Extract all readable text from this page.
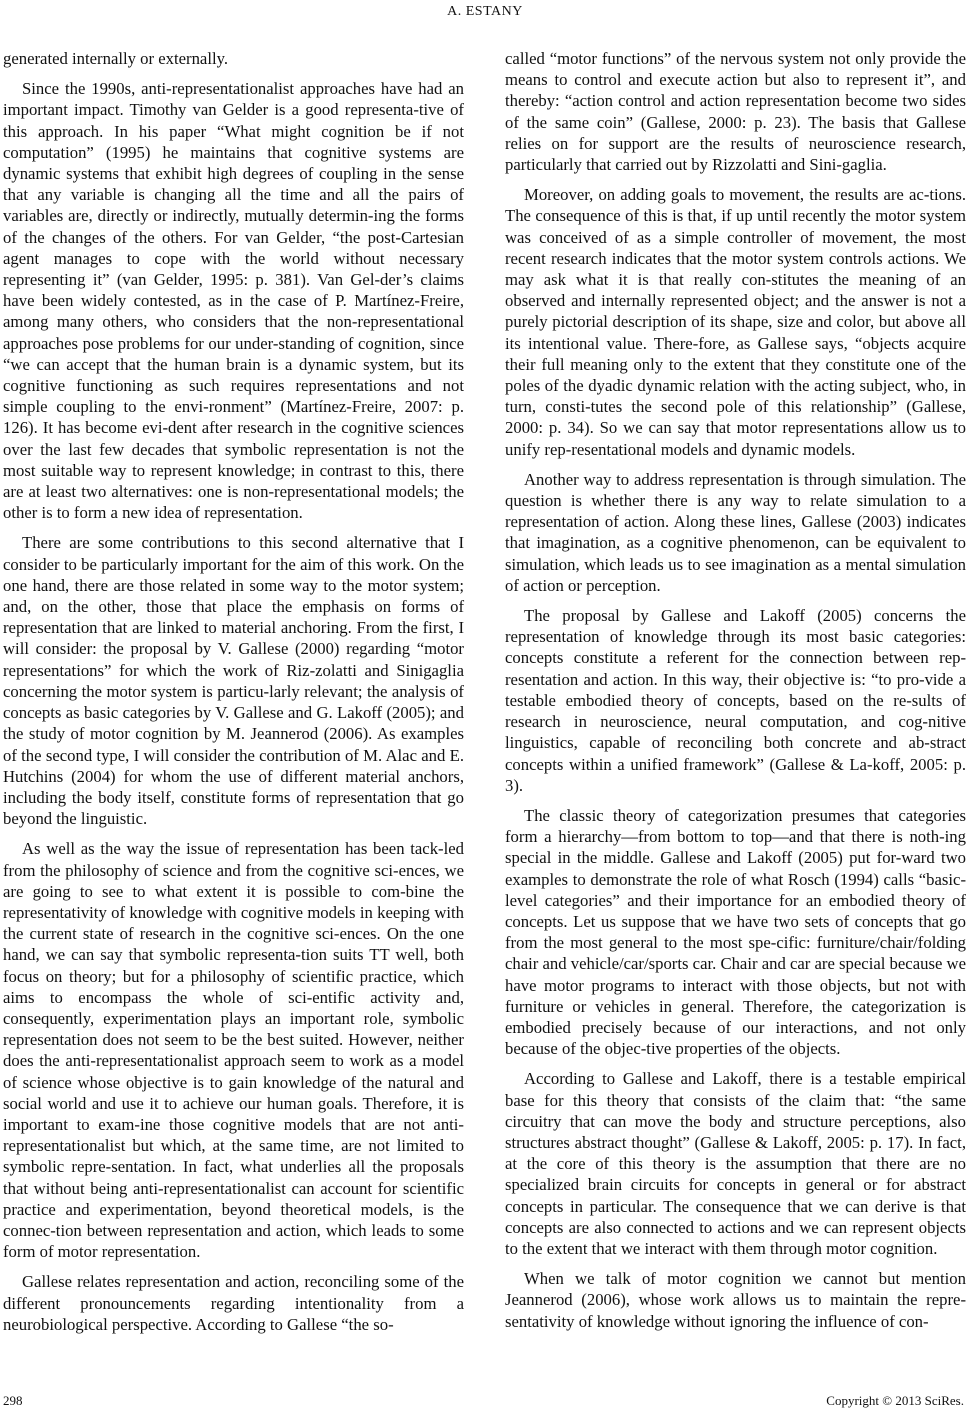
A. ESTANY

generated internally or externally.

Since the 1990s, anti-representationalist approaches have had an important impact. Timothy van Gelder is a good representa-tive of this approach. In his paper “What might cognition be if not computation” (1995) he maintains that cognitive systems are dynamic systems that exhibit high degrees of coupling in the sense that any variable is changing all the time and all the pairs of variables are, directly or indirectly, mutually determin-ing the forms of the changes of the others. For van Gelder, “the post-Cartesian agent manages to cope with the world without necessary representing it” (van Gelder, 1995: p. 381). Van Gel-der’s claims have been widely contested, as in the case of P. Martínez-Freire, among many others, who considers that the non-representational approaches pose problems for our under-standing of cognition, since “we can accept that the human brain is a dynamic system, but its cognitive functioning as such requires representations and not simple coupling to the envi-ronment” (Martínez-Freire, 2007: p. 126). It has become evi-dent after research in the cognitive sciences over the last few decades that symbolic representation is not the most suitable way to represent knowledge; in contrast to this, there are at least two alternatives: one is non-representational models; the other is to form a new idea of representation.

There are some contributions to this second alternative that I consider to be particularly important for the aim of this work. On the one hand, there are those related in some way to the motor system; and, on the other, those that place the emphasis on forms of representation that are linked to material anchoring. From the first, I will consider: the proposal by V. Gallese (2000) regarding “motor representations” for which the work of Riz-zolatti and Sinigaglia concerning the motor system is particu-larly relevant; the analysis of concepts as basic categories by V. Gallese and G. Lakoff (2005); and the study of motor cognition by M. Jeannerod (2006). As examples of the second type, I will consider the contribution of M. Alac and E. Hutchins (2004) for whom the use of different material anchors, including the body itself, constitute forms of representation that go beyond the linguistic.

As well as the way the issue of representation has been tack-led from the philosophy of science and from the cognitive sci-ences, we are going to see to what extent it is possible to com-bine the representativity of knowledge with cognitive models in keeping with the current state of research in the cognitive sci-ences. On the one hand, we can say that symbolic representa-tion suits TT well, both focus on theory; but for a philosophy of scientific practice, which aims to encompass the whole of sci-entific activity and, consequently, experimentation plays an important role, symbolic representation does not seem to be the best suited. However, neither does the anti-representationalist approach seem to work as a model of science whose objective is to gain knowledge of the natural and social world and use it to achieve our human goals. Therefore, it is important to exam-ine those cognitive models that are not anti-representationalist but which, at the same time, are not limited to symbolic repre-sentation. In fact, what underlies all the proposals that without being anti-representationalist can account for scientific practice and experimentation, beyond theoretical models, is the connec-tion between representation and action, which leads to some form of motor representation.

Gallese relates representation and action, reconciling some of the different pronouncements regarding intentionality from a neurobiological perspective. According to Gallese “the so-

called “motor functions” of the nervous system not only provide the means to control and execute action but also to represent it”, and thereby: “action control and action representation become two sides of the same coin” (Gallese, 2000: p. 23). The basis that Gallese relies on for support are the results of neuroscience research, particularly that carried out by Rizzolatti and Sini-gaglia.

Moreover, on adding goals to movement, the results are ac-tions. The consequence of this is that, if up until recently the motor system was conceived of as a simple controller of movement, the most recent research indicates that the motor system controls actions. We may ask what it is that really con-stitutes the meaning of an observed and internally represented object; and the answer is not a purely pictorial description of its shape, size and color, but above all its intentional value. There-fore, as Gallese says, “objects acquire their full meaning only to the extent that they constitute one of the poles of the dyadic dynamic relation with the acting subject, who, in turn, consti-tutes the second pole of this relationship” (Gallese, 2000: p. 34). So we can say that motor representations allow us to unify rep-resentational models and dynamic models.

Another way to address representation is through simulation. The question is whether there is any way to relate simulation to a representation of action. Along these lines, Gallese (2003) indicates that imagination, as a cognitive phenomenon, can be equivalent to simulation, which leads us to see imagination as a mental simulation of action or perception.

The proposal by Gallese and Lakoff (2005) concerns the representation of knowledge through its most basic categories: concepts constitute a referent for the connection between rep-resentation and action. In this way, their objective is: “to pro-vide a testable embodied theory of concepts, based on the re-sults of research in neuroscience, neural computation, and cog-nitive linguistics, capable of reconciling both concrete and ab-stract concepts within a unified framework” (Gallese & La-koff, 2005: p. 3).

The classic theory of categorization presumes that categories form a hierarchy—from bottom to top—and that there is noth-ing special in the middle. Gallese and Lakoff (2005) put for-ward two examples to demonstrate the role of what Rosch (1994) calls “basic-level categories” and their importance for an embodied theory of concepts. Let us suppose that we have two sets of concepts that go from the most general to the most spe-cific: furniture/chair/folding chair and vehicle/car/sports car. Chair and car are special because we have motor programs to interact with those objects, but not with furniture or vehicles in general. Therefore, the categorization is embodied precisely because of our interactions, and not only because of the objec-tive properties of the objects.

According to Gallese and Lakoff, there is a testable empirical base for this theory that consists of the claim that: “the same circuitry that can move the body and structure perceptions, also structures abstract thought” (Gallese & Lakoff, 2005: p. 17). In fact, at the core of this theory is the assumption that there are no specialized brain circuits for concepts in general or for abstract concepts in particular. The consequence that we can derive is that concepts are also connected to actions and we can represent objects to the extent that we interact with them through motor cognition.

When we talk of motor cognition we cannot but mention Jeannerod (2006), whose work allows us to maintain the repre-sentativity of knowledge without ignoring the influence of con-

298	Copyright © 2013 SciRes.
